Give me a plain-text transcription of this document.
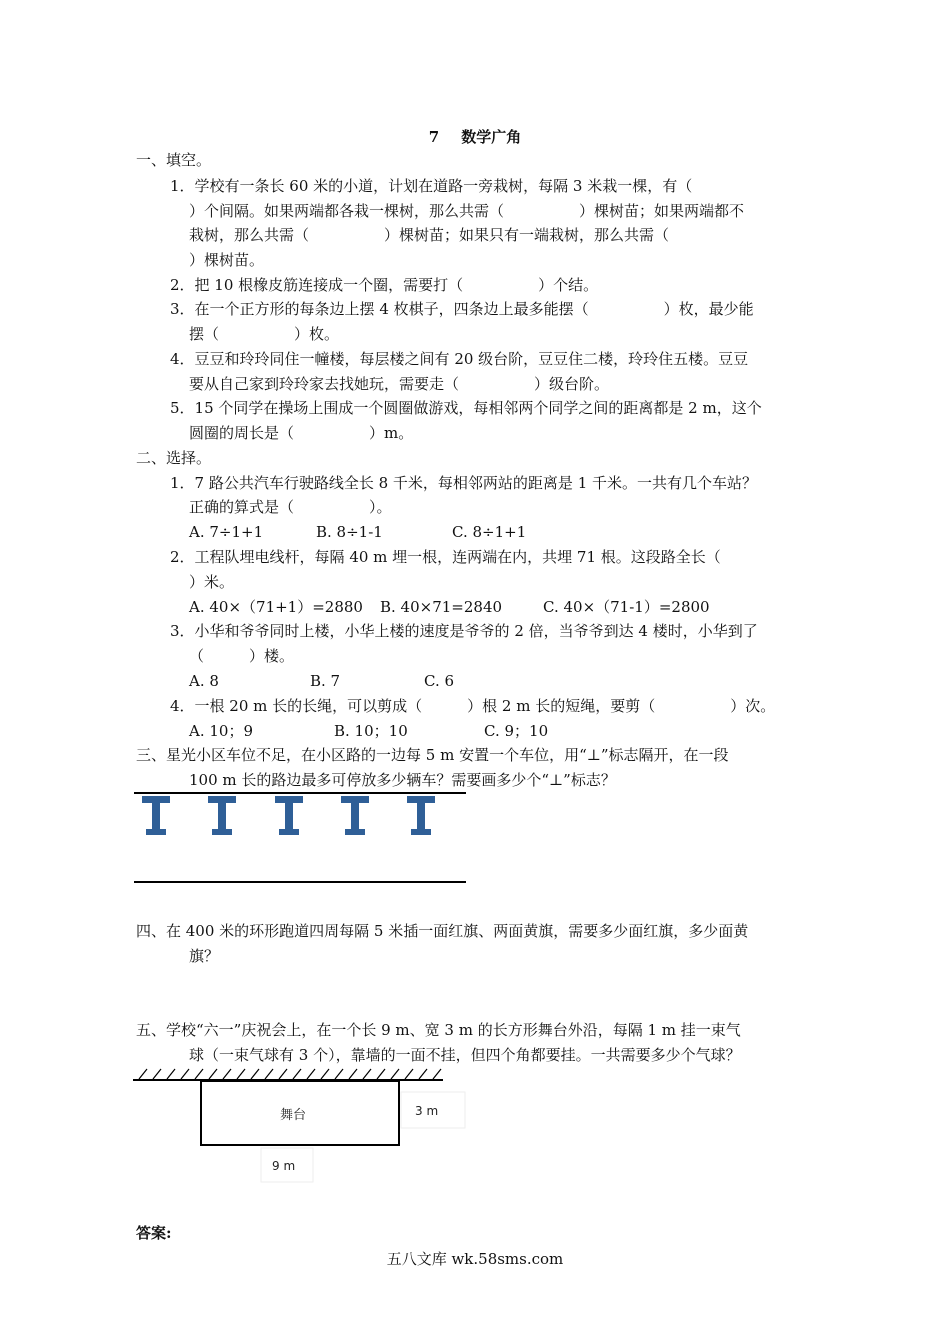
7 数学广角
一、填空。
1．学校有一条长 60 米的小道，计划在道路一旁栽树，每隔 3 米栽一棵，有（
）个间隔。如果两端都各栽一棵树，那么共需（　　　　　）棵树苗；如果两端都不
栽树，那么共需（　　　　　）棵树苗；如果只有一端栽树，那么共需（
）棵树苗。
2．把 10 根橡皮筋连接成一个圈，需要打（　　　　　）个结。
3．在一个正方形的每条边上摆 4 枚棋子，四条边上最多能摆（　　　　　）枚，最少能
摆（　　　　　）枚。
4．豆豆和玲玲同住一幢楼，每层楼之间有 20 级台阶，豆豆住二楼，玲玲住五楼。豆豆
要从自己家到玲玲家去找她玩，需要走（　　　　　）级台阶。
5．15 个同学在操场上围成一个圆圈做游戏，每相邻两个同学之间的距离都是 2 m，这个
圆圈的周长是（　　　　　）m。
二、选择。
1．7 路公共汽车行驶路线全长 8 千米，每相邻两站的距离是 1 千米。一共有几个车站？
正确的算式是（　　　　　）。
A. 7÷1+1	B. 8÷1-1	C. 8÷1+1
2．工程队埋电线杆，每隔 40 m 埋一根，连两端在内，共埋 71 根。这段路全长（
）米。
A. 40×（71+1）=2880 B. 40×71=2840	C. 40×（71-1）=2800
3．小华和爷爷同时上楼，小华上楼的速度是爷爷的 2 倍，当爷爷到达 4 楼时，小华到了
（　　　）楼。
A. 8	B. 7	C. 6
4．一根 20 m 长的长绳，可以剪成（　　　）根 2 m 长的短绳，要剪（　　　　　）次。
A. 10；9	B. 10；10	C. 9；10
三、星光小区车位不足，在小区路的一边每 5 m 安置一个车位，用“⊥”标志隔开，在一段
100 m 长的路边最多可停放多少辆车？需要画多少个“⊥”标志？
四、在 400 米的环形跑道四周每隔 5 米插一面红旗、两面黄旗，需要多少面红旗，多少面黄
旗？
五、学校“六一”庆祝会上，在一个长 9 m、宽 3 m 的长方形舞台外沿，每隔 1 m 挂一束气
球（一束气球有 3 个），靠墙的一面不挂，但四个角都要挂。一共需要多少个气球？
舞台	3 m
9 m
答案:
五八文库 wk.58sms.com
